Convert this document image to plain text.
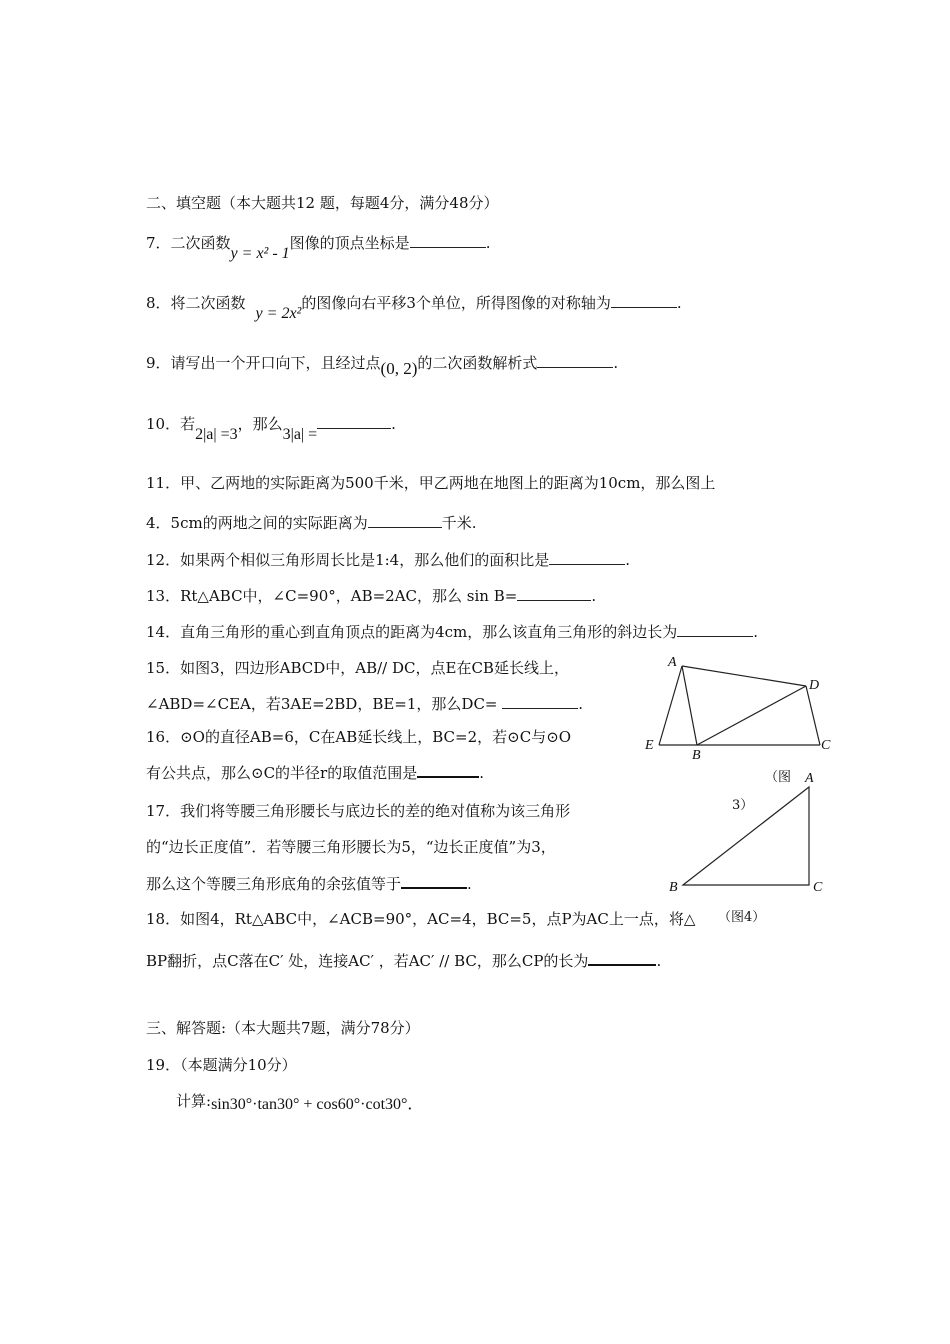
二、填空题（本大题共12 题，每题4分，满分48分）
7．二次函数y = x² - 1图像的顶点坐标是	.
8．将二次函数y = 2x²的图像向右平移3个单位，所得图像的对称轴为	.
9．请写出一个开口向下，且经过点(0, 2)的二次函数解析式	.
10．若2|a| =3，那么3|a| =.
11．甲、乙两地的实际距离为500千米，甲乙两地在地图上的距离为10cm，那么图上
4．5cm的两地之间的实际距离为	千米.
12．如果两个相似三角形周长比是1:4，那么他们的面积比是	.
13．Rt△ABC中，∠C=90°，AB=2AC，那么 sin B=	.
14．直角三角形的重心到直角顶点的距离为4cm，那么该直角三角形的斜边长为	.
15．如图3，四边形ABCD中，AB// DC，点E在CB延长线上，
∠ABD=∠CEA，若3AE=2BD，BE=1，那么DC=	.
16．⊙O的直径AB=6，C在AB延长线上，BC=2，若⊙C与⊙O
有公共点，那么⊙C的半径r的取值范围是	.
17．我们将等腰三角形腰长与底边长的差的绝对值称为该三角形
的“边长正度值”．若等腰三角形腰长为5，“边长正度值”为3，
那么这个等腰三角形底角的余弦值等于	.
18．如图4，Rt△ABC中，∠ACB=90°，AC=4，BC=5，点P为AC上一点，将△
BP翻折，点C落在C′ 处，连接AC′ ，若AC′ // BC，那么CP的长为	.
三、解答题:（本大题共7题，满分78分）
19．（本题满分10分）
计算:sin30°·tan30° + cos60°·cot30°．
A
D
E
B
C
（图
3）
A
B	C
（图4）
